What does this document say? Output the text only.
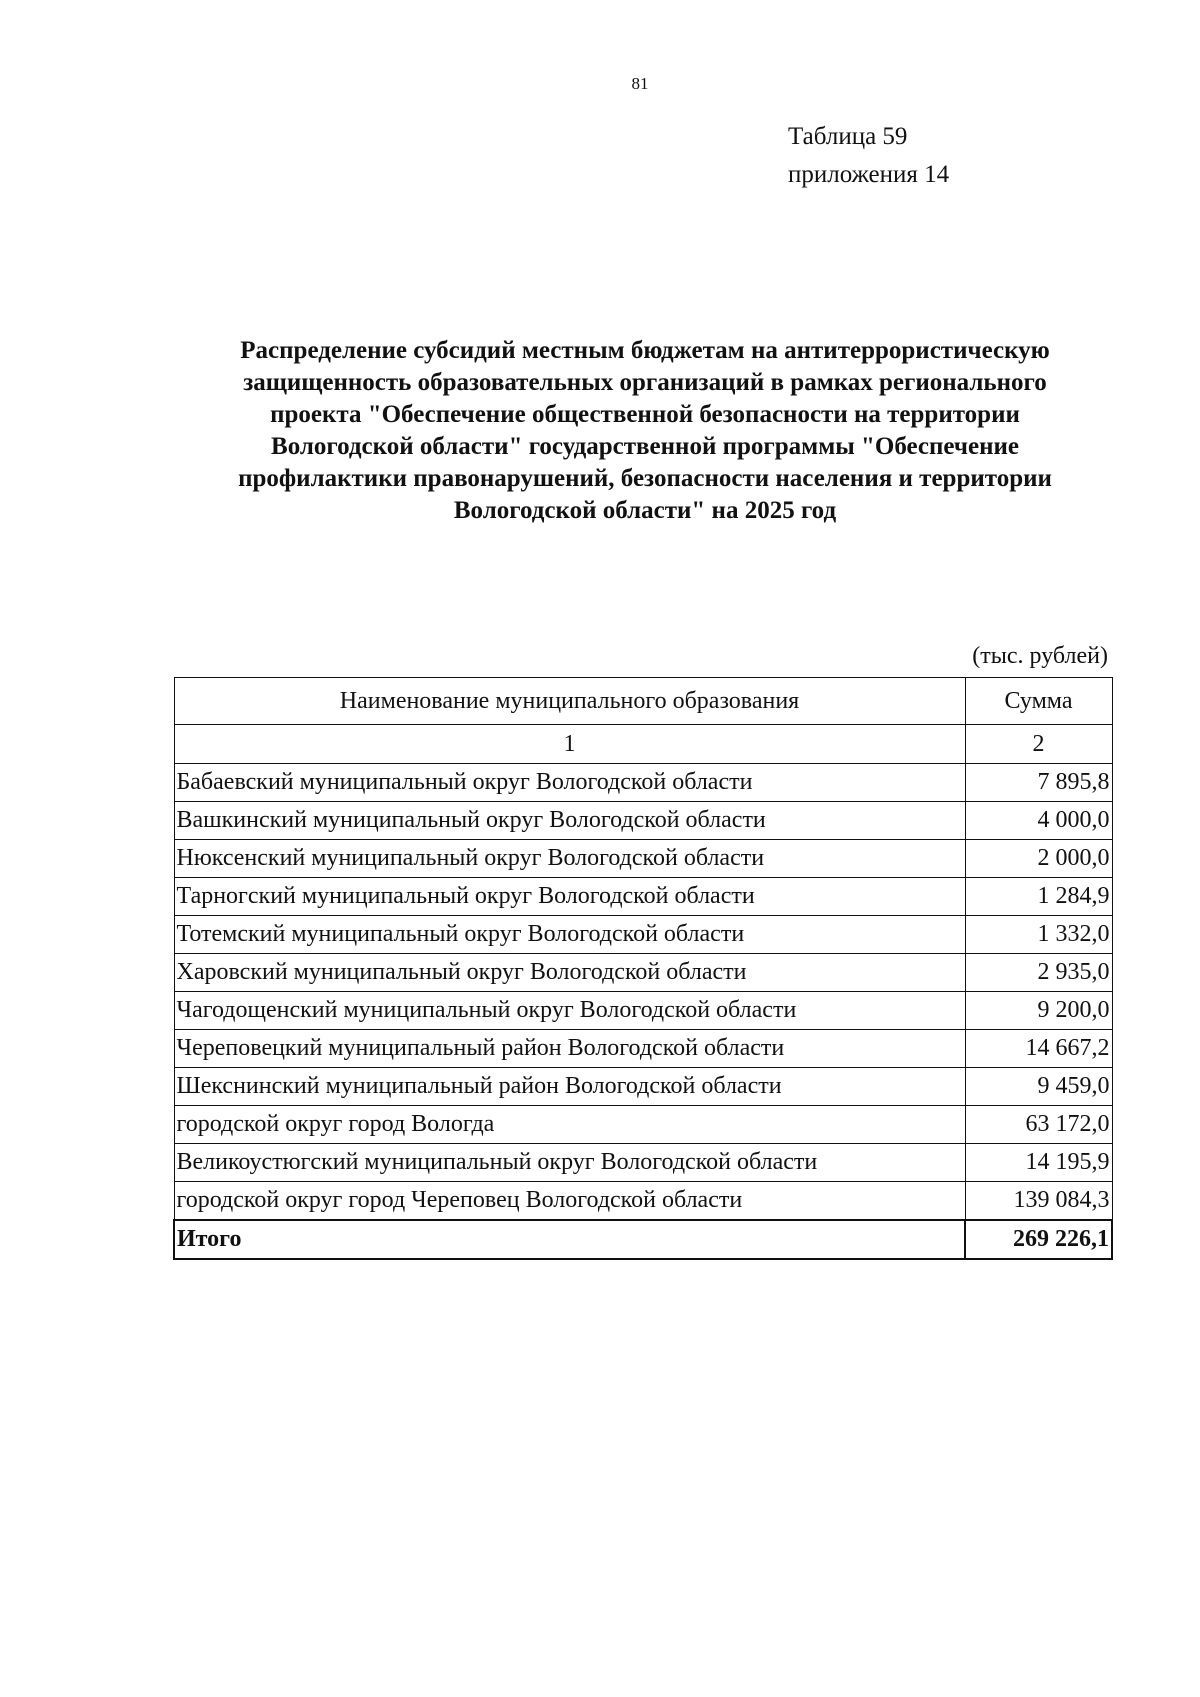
81
Таблица 59
приложения 14
Распределение субсидий местным бюджетам на антитеррористическую
защищенность образовательных организаций в рамках регионального
проекта "Обеспечение общественной безопасности на территории
Вологодской области" государственной программы "Обеспечение
профилактики правонарушений, безопасности населения и территории
Вологодской области" на 2025 год
(тыс. рублей)
Наименование муниципального образования	Сумма
1	2
Бабаевский муниципальный округ Вологодской области	7 895,8
Вашкинский муниципальный округ Вологодской области	4 000,0
Нюксенский муниципальный округ Вологодской области	2 000,0
Тарногский муниципальный округ Вологодской области	1 284,9
Тотемский муниципальный округ Вологодской области	1 332,0
Харовский муниципальный округ Вологодской области	2 935,0
Чагодощенский муниципальный округ Вологодской области	9 200,0
Череповецкий муниципальный район Вологодской области	14 667,2
Шекснинский муниципальный район Вологодской области	9 459,0
городской округ город Вологда	63 172,0
Великоустюгский муниципальный округ Вологодской области	14 195,9
городской округ город Череповец Вологодской области	139 084,3
Итого	269 226,1
